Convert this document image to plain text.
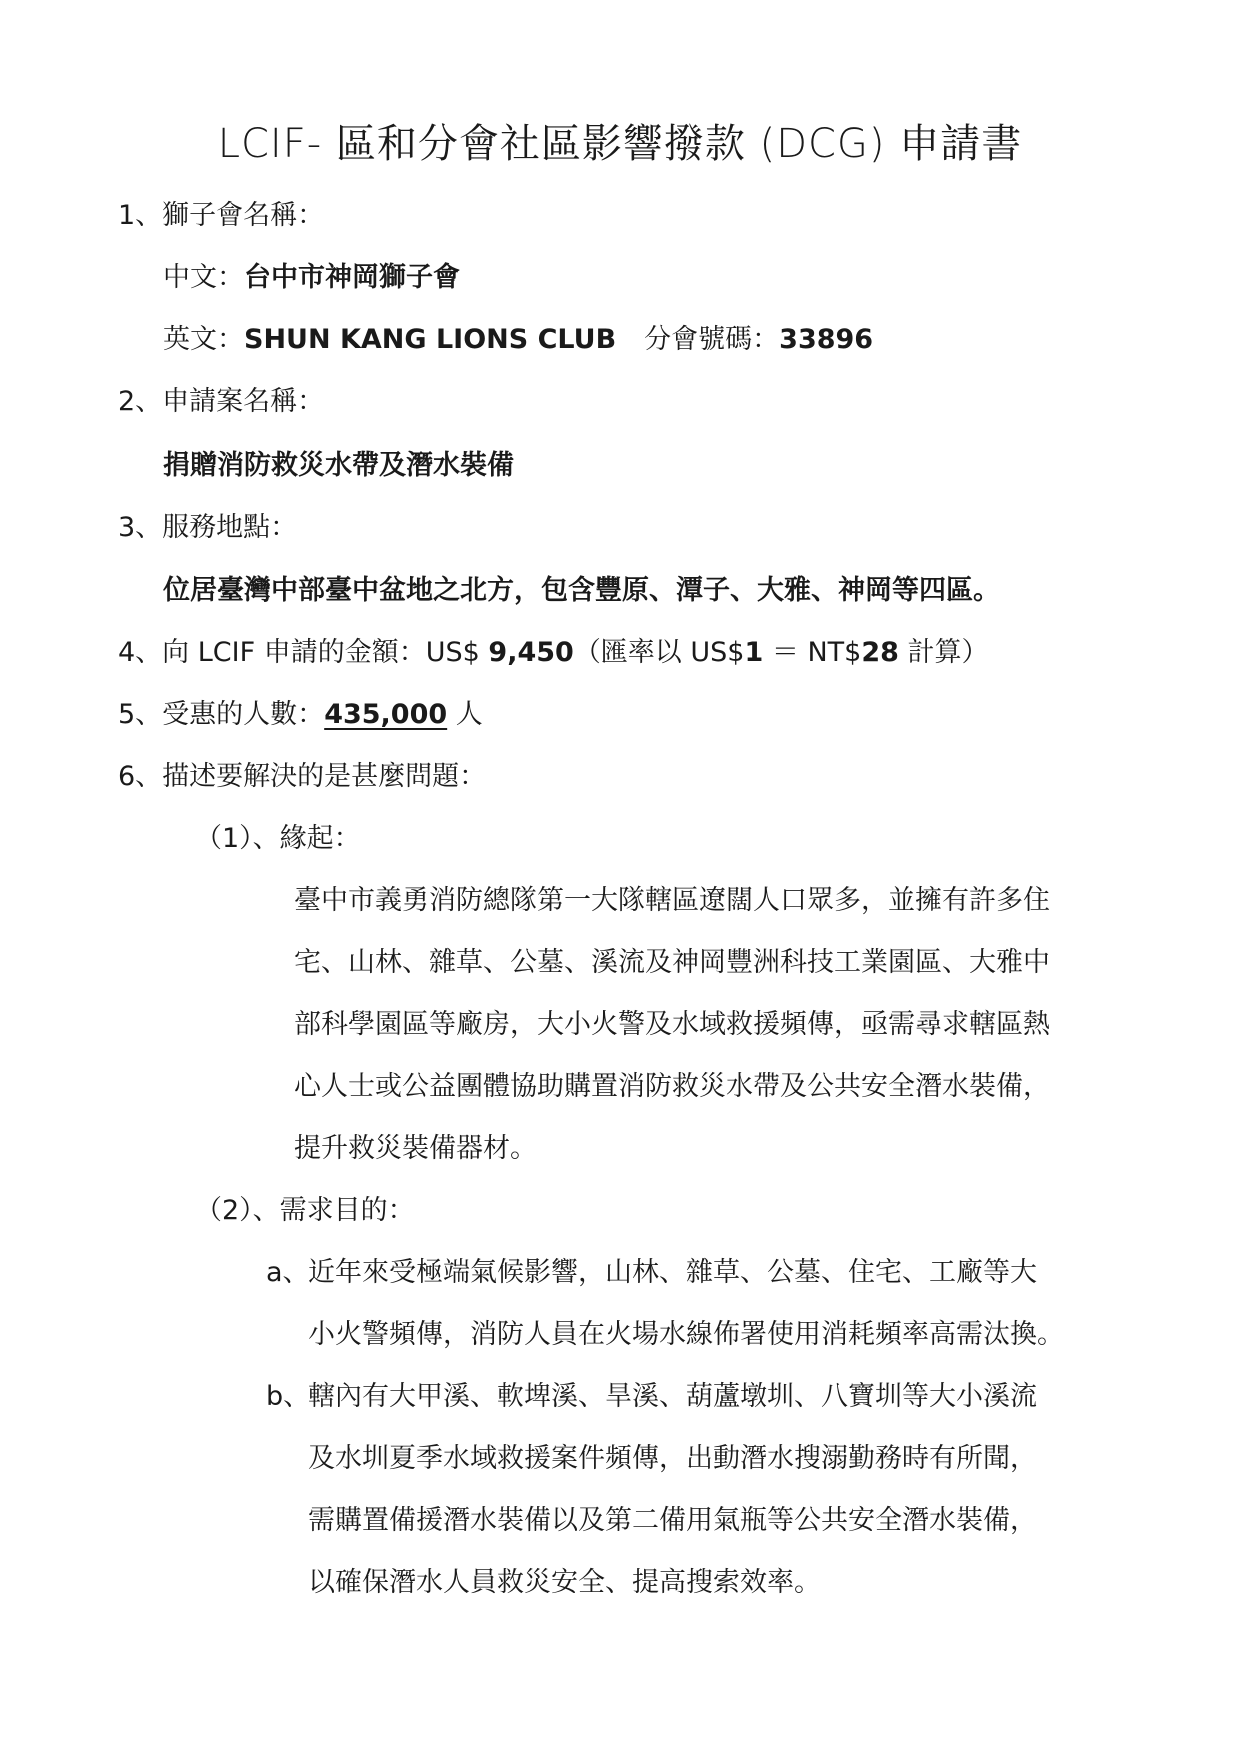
LCIF- 區和分會社區影響撥款 (DCG) 申請書
1、獅子會名稱：
中文：台中市神岡獅子會
英文：SHUN KANG LIONS CLUB 分會號碼：33896
2、申請案名稱：
捐贈消防救災水帶及潛水裝備
3、服務地點：
位居臺灣中部臺中盆地之北方，包含豐原、潭子、大雅、神岡等四區。
4、向 LCIF 申請的金額：US$ 9,450（匯率以 US$1 ＝ NT$28 計算）
5、受惠的人數：435,000 人
6、描述要解決的是甚麼問題：
（1）、緣起：
臺中市義勇消防總隊第一大隊轄區遼闊人口眾多，並擁有許多住
宅、山林、雜草、公墓、溪流及神岡豐洲科技工業園區、大雅中
部科學園區等廠房，大小火警及水域救援頻傳，亟需尋求轄區熱
心人士或公益團體協助購置消防救災水帶及公共安全潛水裝備，
提升救災裝備器材。
（2）、需求目的：
a、
近年來受極端氣候影響，山林、雜草、公墓、住宅、工廠等大
小火警頻傳，消防人員在火場水線佈署使用消耗頻率高需汰換。
b、
轄內有大甲溪、軟埤溪、旱溪、葫蘆墩圳、八寶圳等大小溪流
及水圳夏季水域救援案件頻傳，出動潛水搜溺勤務時有所聞，
需購置備援潛水裝備以及第二備用氣瓶等公共安全潛水裝備，
以確保潛水人員救災安全、提高搜索效率。
